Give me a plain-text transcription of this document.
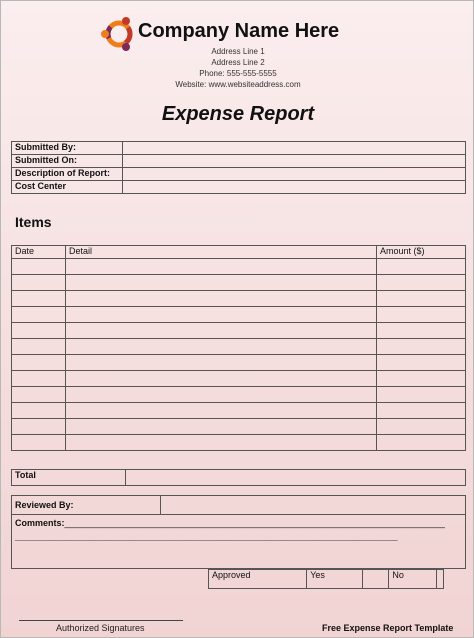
Company Name Here
Address Line 1
Address Line 2
Phone: 555-555-5555
Website: www.websiteaddress.com
Expense Report
Submitted By:	
Submitted On:	
Description of Report:	
Cost Center	
Items
Date	Detail	Amount ($)

Total	
Reviewed By:
Comments:____________________________________________________________________________
______________________________________________________________________________________
Approved	Yes		No	
Authorized Signatures	Free Expense Report Template
